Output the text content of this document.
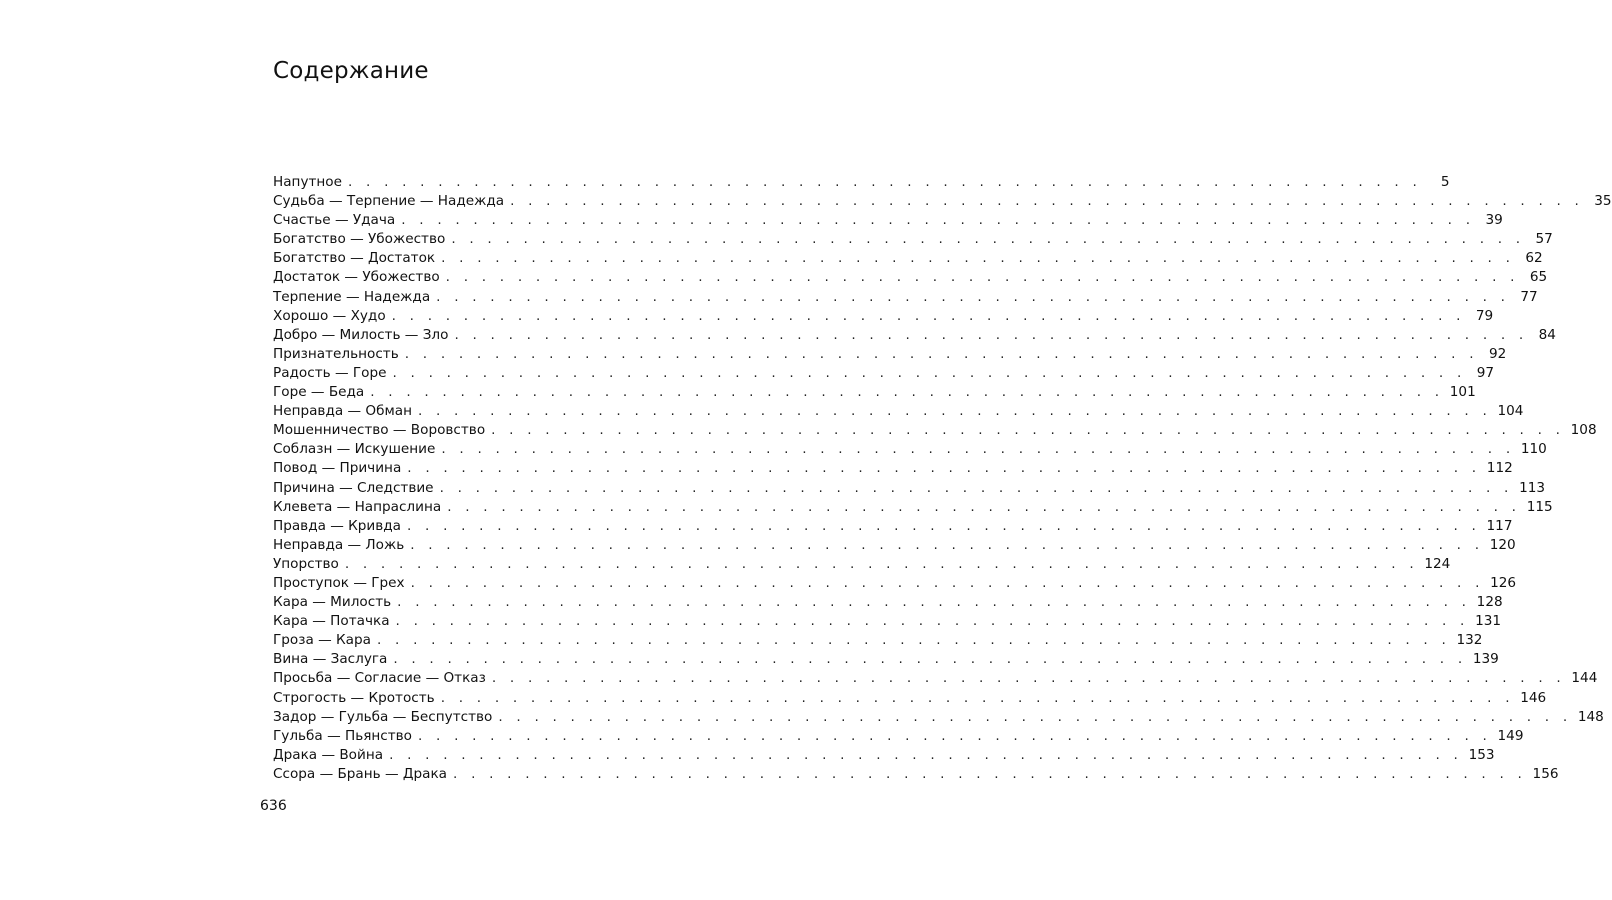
Содержание
Напутное . . . . . . . . . . . . . . . . . . . . . . . . . . . . . . . . . . . . . . . . . . . . . . . . . . . . . . . . . . . .	5
Судьба — Терпение — Надежда . . . . . . . . . . . . . . . . . . . . . . . . . . . . . . . . . . . . . . . . . . . . . . . . . . . . . . . . . . . . 35
Счастье — Удача . . . . . . . . . . . . . . . . . . . . . . . . . . . . . . . . . . . . . . . . . . . . . . . . . . . . . . . . . . . . 39
Богатство — Убожество . . . . . . . . . . . . . . . . . . . . . . . . . . . . . . . . . . . . . . . . . . . . . . . . . . . . . . . . . . . . 57
Богатство — Достаток . . . . . . . . . . . . . . . . . . . . . . . . . . . . . . . . . . . . . . . . . . . . . . . . . . . . . . . . . . . . 62
Достаток — Убожество . . . . . . . . . . . . . . . . . . . . . . . . . . . . . . . . . . . . . . . . . . . . . . . . . . . . . . . . . . . . 65
Терпение — Надежда . . . . . . . . . . . . . . . . . . . . . . . . . . . . . . . . . . . . . . . . . . . . . . . . . . . . . . . . . . . . 77
Хорошо — Худо . . . . . . . . . . . . . . . . . . . . . . . . . . . . . . . . . . . . . . . . . . . . . . . . . . . . . . . . . . . . 79
Добро — Милость — Зло . . . . . . . . . . . . . . . . . . . . . . . . . . . . . . . . . . . . . . . . . . . . . . . . . . . . . . . . . . . . 84
Признательность . . . . . . . . . . . . . . . . . . . . . . . . . . . . . . . . . . . . . . . . . . . . . . . . . . . . . . . . . . . . 92
Радость — Горе . . . . . . . . . . . . . . . . . . . . . . . . . . . . . . . . . . . . . . . . . . . . . . . . . . . . . . . . . . . . 97
Горе — Беда . . . . . . . . . . . . . . . . . . . . . . . . . . . . . . . . . . . . . . . . . . . . . . . . . . . . . . . . . . . . 101
Неправда — Обман . . . . . . . . . . . . . . . . . . . . . . . . . . . . . . . . . . . . . . . . . . . . . . . . . . . . . . . . . . . . 104
Мошенничество — Воровство . . . . . . . . . . . . . . . . . . . . . . . . . . . . . . . . . . . . . . . . . . . . . . . . . . . . . . . . . . . . 108
Соблазн — Искушение . . . . . . . . . . . . . . . . . . . . . . . . . . . . . . . . . . . . . . . . . . . . . . . . . . . . . . . . . . . . 110
Повод — Причина . . . . . . . . . . . . . . . . . . . . . . . . . . . . . . . . . . . . . . . . . . . . . . . . . . . . . . . . . . . . 112
Причина — Следствие . . . . . . . . . . . . . . . . . . . . . . . . . . . . . . . . . . . . . . . . . . . . . . . . . . . . . . . . . . . . 113
Клевета — Напраслина . . . . . . . . . . . . . . . . . . . . . . . . . . . . . . . . . . . . . . . . . . . . . . . . . . . . . . . . . . . . 115
Правда — Кривда . . . . . . . . . . . . . . . . . . . . . . . . . . . . . . . . . . . . . . . . . . . . . . . . . . . . . . . . . . . . 117
Неправда — Ложь . . . . . . . . . . . . . . . . . . . . . . . . . . . . . . . . . . . . . . . . . . . . . . . . . . . . . . . . . . . . 120
Упорство . . . . . . . . . . . . . . . . . . . . . . . . . . . . . . . . . . . . . . . . . . . . . . . . . . . . . . . . . . . . 124
Проступок — Грех . . . . . . . . . . . . . . . . . . . . . . . . . . . . . . . . . . . . . . . . . . . . . . . . . . . . . . . . . . . . 126
Кара — Милость . . . . . . . . . . . . . . . . . . . . . . . . . . . . . . . . . . . . . . . . . . . . . . . . . . . . . . . . . . . . 128
Кара — Потачка . . . . . . . . . . . . . . . . . . . . . . . . . . . . . . . . . . . . . . . . . . . . . . . . . . . . . . . . . . . . 131
Гроза — Кара . . . . . . . . . . . . . . . . . . . . . . . . . . . . . . . . . . . . . . . . . . . . . . . . . . . . . . . . . . . . 132
Вина — Заслуга . . . . . . . . . . . . . . . . . . . . . . . . . . . . . . . . . . . . . . . . . . . . . . . . . . . . . . . . . . . . 139
Просьба — Согласие — Отказ . . . . . . . . . . . . . . . . . . . . . . . . . . . . . . . . . . . . . . . . . . . . . . . . . . . . . . . . . . . . 144
Строгость — Кротость . . . . . . . . . . . . . . . . . . . . . . . . . . . . . . . . . . . . . . . . . . . . . . . . . . . . . . . . . . . . 146
Задор — Гульба — Беспутство . . . . . . . . . . . . . . . . . . . . . . . . . . . . . . . . . . . . . . . . . . . . . . . . . . . . . . . . . . . . 148
Гульба — Пьянство . . . . . . . . . . . . . . . . . . . . . . . . . . . . . . . . . . . . . . . . . . . . . . . . . . . . . . . . . . . . 149
Драка — Война . . . . . . . . . . . . . . . . . . . . . . . . . . . . . . . . . . . . . . . . . . . . . . . . . . . . . . . . . . . . 153
Ссора — Брань — Драка . . . . . . . . . . . . . . . . . . . . . . . . . . . . . . . . . . . . . . . . . . . . . . . . . . . . . . . . . . . . 156
636
